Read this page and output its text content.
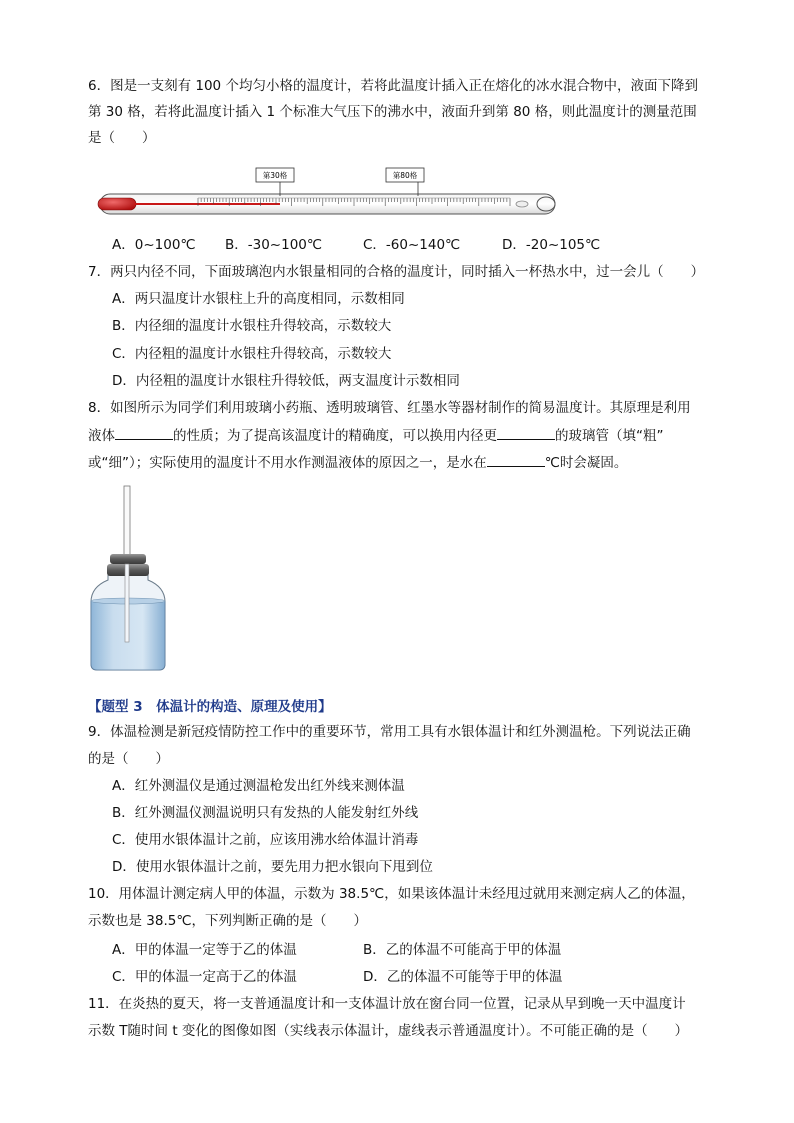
6．图是一支刻有 100 个均匀小格的温度计，若将此温度计插入正在熔化的冰水混合物中，液面下降到
第 30 格，若将此温度计插入 1 个标准大气压下的沸水中，液面升到第 80 格，则此温度计的测量范围
是（　　）
第30格	第80格
A．0~100℃ B．-30~100℃	C．-60~140℃	D．-20~105℃
7．两只内径不同，下面玻璃泡内水银量相同的合格的温度计，同时插入一杯热水中，过一会儿（　　）
A．两只温度计水银柱上升的高度相同，示数相同
B．内径细的温度计水银柱升得较高，示数较大
C．内径粗的温度计水银柱升得较高，示数较大
D．内径粗的温度计水银柱升得较低，两支温度计示数相同
8．如图所示为同学们利用玻璃小药瓶、透明玻璃管、红墨水等器材制作的简易温度计。其原理是利用
液体	的性质；为了提高该温度计的精确度，可以换用内径更	的玻璃管（填“粗”
或“细”）；实际使用的温度计不用水作测温液体的原因之一，是水在	℃时会凝固。
【题型 3　体温计的构造、原理及使用】
9．体温检测是新冠疫情防控工作中的重要环节，常用工具有水银体温计和红外测温枪。下列说法正确
的是（　　）
A．红外测温仪是通过测温枪发出红外线来测体温
B．红外测温仪测温说明只有发热的人能发射红外线
C．使用水银体温计之前，应该用沸水给体温计消毒
D．使用水银体温计之前，要先用力把水银向下甩到位
10．用体温计测定病人甲的体温，示数为 38.5℃，如果该体温计未经甩过就用来测定病人乙的体温，
示数也是 38.5℃，下列判断正确的是（　　）
A．甲的体温一定等于乙的体温	B．乙的体温不可能高于甲的体温
C．甲的体温一定高于乙的体温	D．乙的体温不可能等于甲的体温
11．在炎热的夏天，将一支普通温度计和一支体温计放在窗台同一位置，记录从早到晚一天中温度计
示数 T随时间 t 变化的图像如图（实线表示体温计，虚线表示普通温度计）。不可能正确的是（　　）
